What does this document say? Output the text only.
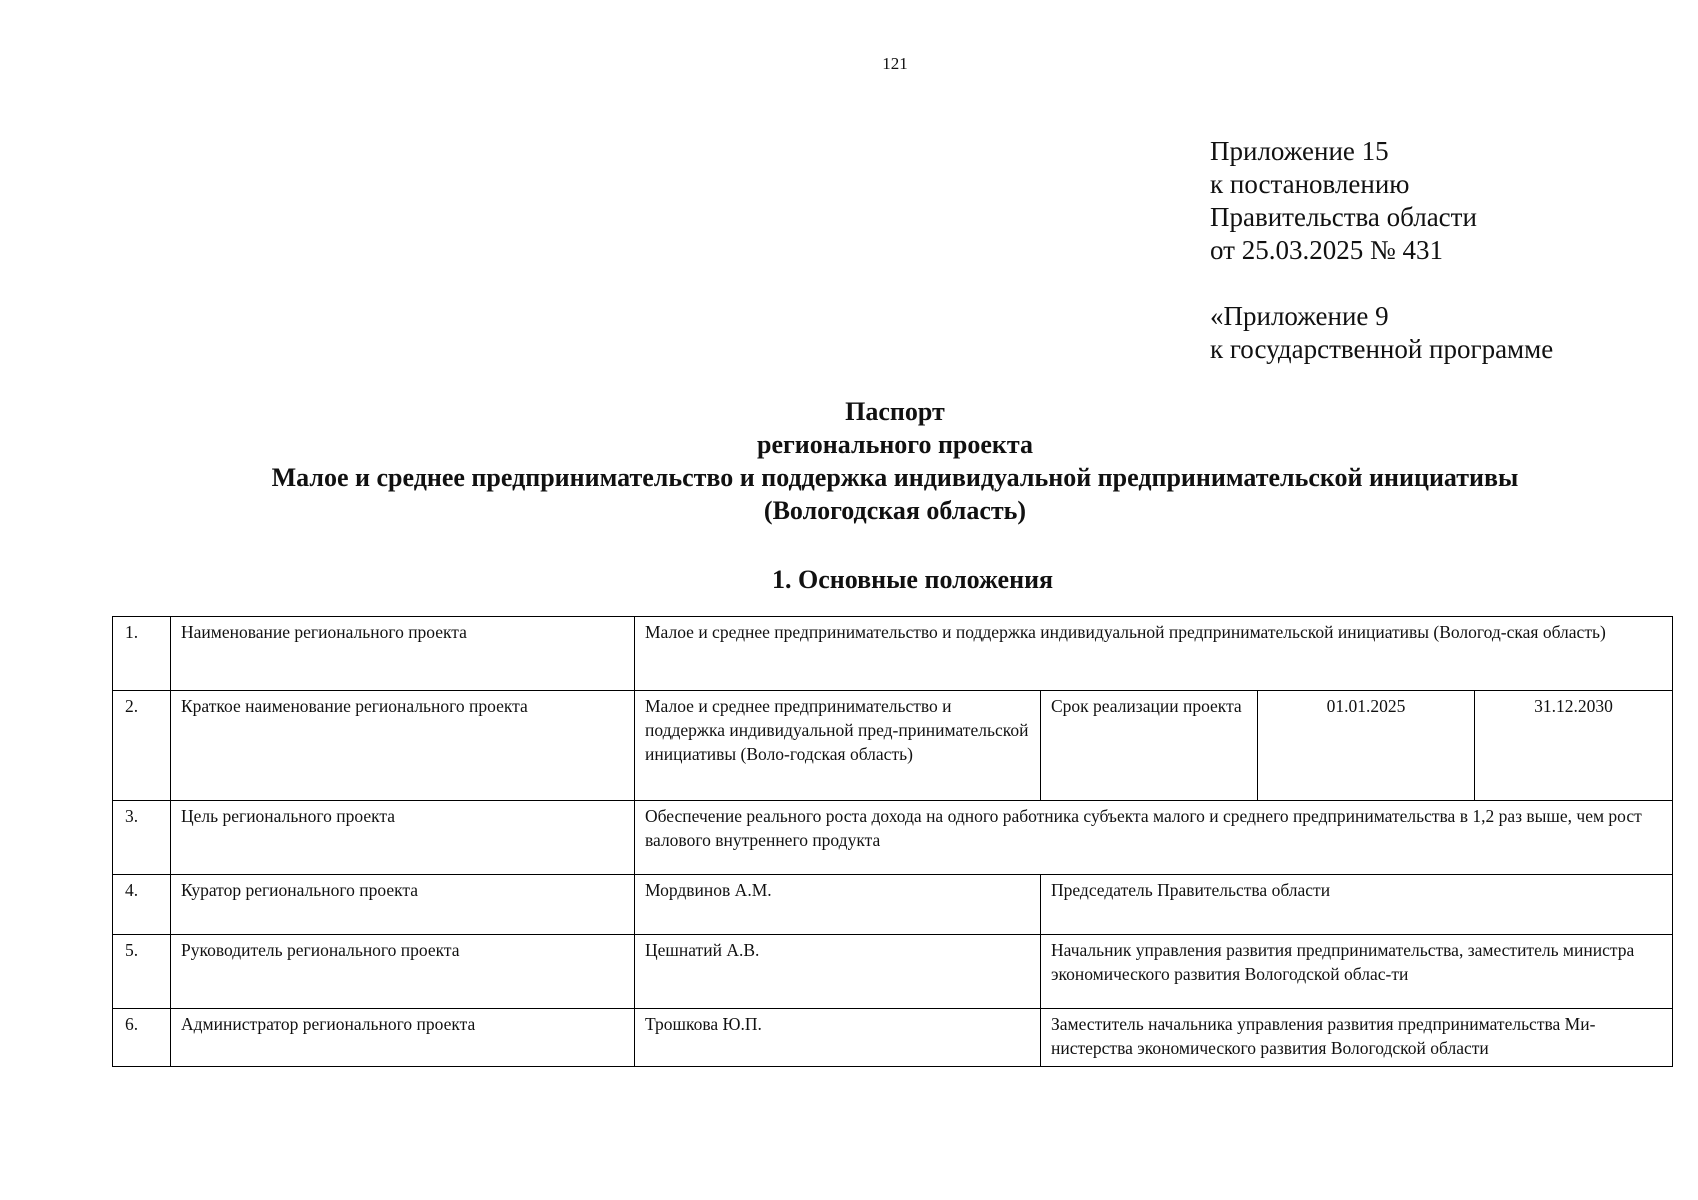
121
Приложение 15
к постановлению
Правительства области
от 25.03.2025 № 431
«Приложение 9
к государственной программе
Паспорт
регионального проекта
Малое и среднее предпринимательство и поддержка индивидуальной предпринимательской инициативы
(Вологодская область)
1. Основные положения
1.	Наименование регионального проекта	Малое и среднее предпринимательство и поддержка индивидуальной предпринимательской инициативы (Вологод-ская область)			
2.	Краткое наименование регионального проекта	Малое и среднее предпринимательство и поддержка индивидуальной пред-принимательской инициативы (Воло-годская область)	Срок реализации проекта	01.01.2025	31.12.2030
3.	Цель регионального проекта	Обеспечение реального роста дохода на одного работника субъекта малого и среднего предпринимательства в 1,2 раз выше, чем рост валового внутреннего продукта			
4.	Куратор регионального проекта	Мордвинов А.М.	Председатель Правительства области		
5.	Руководитель регионального проекта	Цешнатий А.В.	Начальник управления развития предпринимательства, заместитель министра экономического развития Вологодской облас-ти		
6.	Администратор регионального проекта	Трошкова Ю.П.	Заместитель начальника управления развития предпринимательства Ми-нистерства экономического развития Вологодской области		
